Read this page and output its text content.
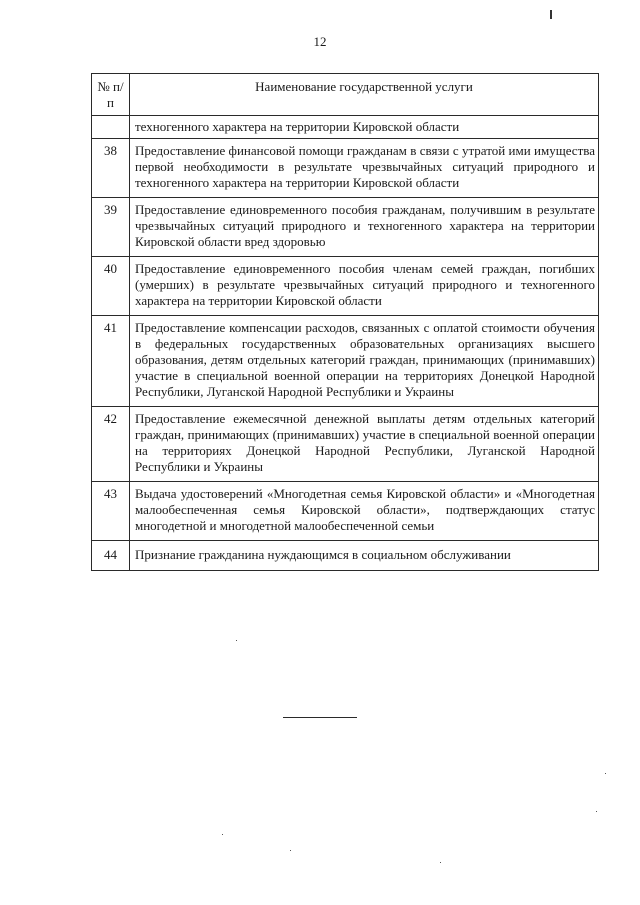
12
№ п/п	Наименование государственной услуги
	техногенного характера на территории Кировской области
38	Предоставление финансовой помощи гражданам в связи с утратой ими имущества первой необходимости в результате чрезвычайных ситуаций природного и техногенного характера на территории Кировской области
39	Предоставление единовременного пособия гражданам, получившим в результате чрезвычайных ситуаций природного и техногенного характера на территории Кировской области вред здоровью
40	Предоставление единовременного пособия членам семей граждан, погибших (умерших) в результате чрезвычайных ситуаций природного и техногенного характера на территории Кировской области
41	Предоставление компенсации расходов, связанных с оплатой стоимости обучения в федеральных государственных образовательных организациях высшего образования, детям отдельных категорий граждан, принимающих (принимавших) участие в специальной военной операции на территориях Донецкой Народной Республики, Луганской Народной Республики и Украины
42	Предоставление ежемесячной денежной выплаты детям отдельных категорий граждан, принимающих (принимавших) участие в специальной военной операции на территориях Донецкой Народной Республики, Луганской Народной Республики и Украины
43	Выдача удостоверений «Многодетная семья Кировской области» и «Многодетная малообеспеченная семья Кировской области», подтверждающих статус многодетной и многодетной малообеспеченной семьи
44	Признание гражданина нуждающимся в социальном обслуживании
